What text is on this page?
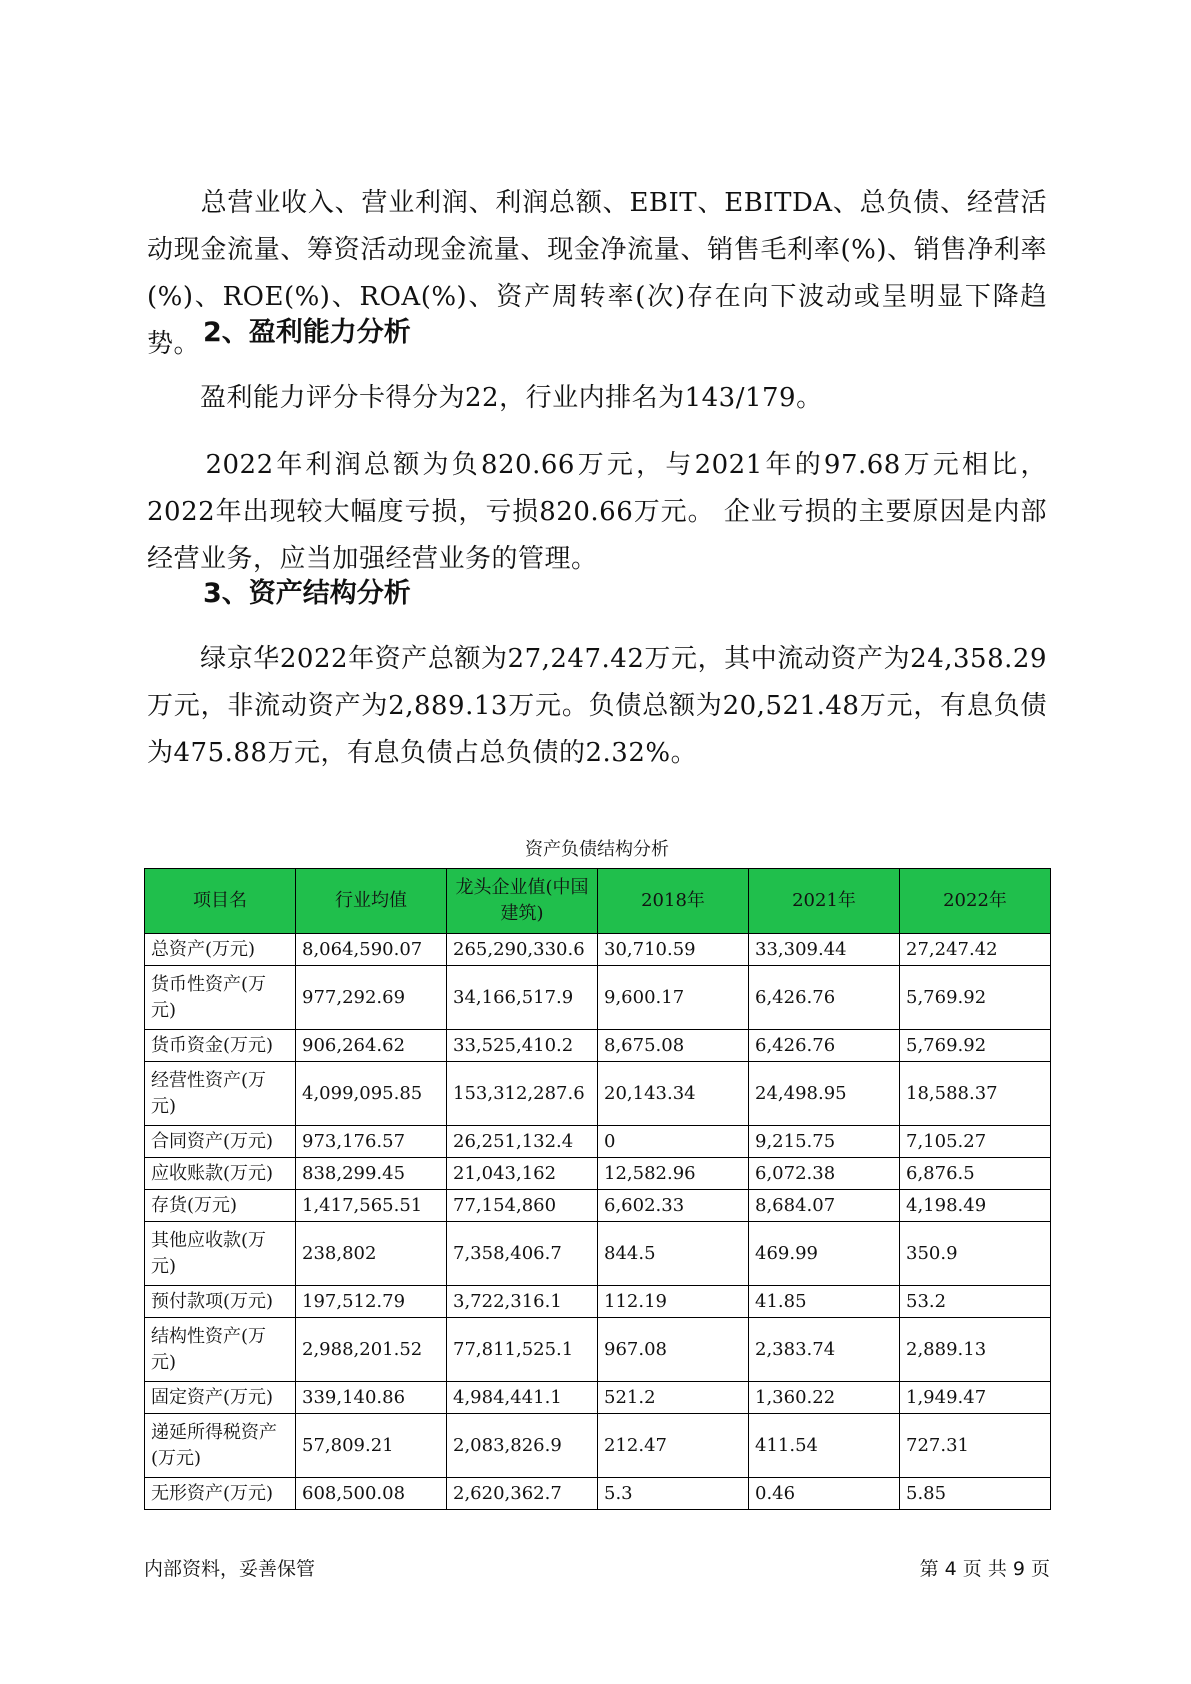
　　总营业收入、营业利润、利润总额、EBIT、EBITDA、总负债、经营活动现金流量、筹资活动现金流量、现金净流量、销售毛利率(%)、销售净利率(%)、ROE(%)、ROA(%)、资产周转率(次)存在向下波动或呈明显下降趋势。 2、盈利能力分析

　　盈利能力评分卡得分为22，行业内排名为143/179。

　　2022年利润总额为负820.66万元，与2021年的97.68万元相比，2022年出现较大幅度亏损，亏损820.66万元。 企业亏损的主要原因是内部经营业务，应当加强经营业务的管理。

3、资产结构分析

　　绿京华2022年资产总额为27,247.42万元，其中流动资产为24,358.29万元，非流动资产为2,889.13万元。负债总额为20,521.48万元，有息负债为475.88万元，有息负债占总负债的2.32%。

资产负债结构分析
项目名	行业均值	龙头企业值(中国建筑)	2018年	2021年	2022年
总资产(万元)	8,064,590.07	265,290,330.6	30,710.59	33,309.44	27,247.42
货币性资产(万元)	977,292.69	34,166,517.9	9,600.17	6,426.76	5,769.92
货币资金(万元)	906,264.62	33,525,410.2	8,675.08	6,426.76	5,769.92
经营性资产(万元)	4,099,095.85	153,312,287.6	20,143.34	24,498.95	18,588.37
合同资产(万元)	973,176.57	26,251,132.4	0	9,215.75	7,105.27
应收账款(万元)	838,299.45	21,043,162	12,582.96	6,072.38	6,876.5
存货(万元)	1,417,565.51	77,154,860	6,602.33	8,684.07	4,198.49
其他应收款(万元)	238,802	7,358,406.7	844.5	469.99	350.9
预付款项(万元)	197,512.79	3,722,316.1	112.19	41.85	53.2
结构性资产(万元)	2,988,201.52	77,811,525.1	967.08	2,383.74	2,889.13
固定资产(万元)	339,140.86	4,984,441.1	521.2	1,360.22	1,949.47
递延所得税资产(万元)	57,809.21	2,083,826.9	212.47	411.54	727.31
无形资产(万元)	608,500.08	2,620,362.7	5.3	0.46	5.85
内部资料，妥善保管	第 4 页 共 9 页
